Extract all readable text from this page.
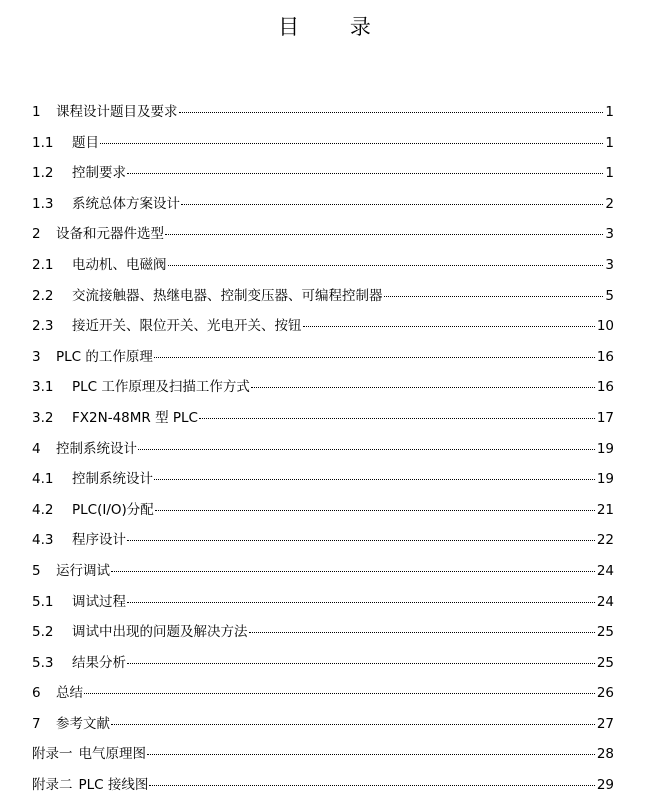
目 录
1 课程设计题目及要求	1
1.1 题目	1
1.2 控制要求	1
1.3 系统总体方案设计	2
2 设备和元器件选型	3
2.1 电动机、电磁阀	3
2.2 交流接触器、热继电器、控制变压器、可编程控制器	5
2.3 接近开关、限位开关、光电开关、按钮	10
3 PLC 的工作原理	16
3.1 PLC 工作原理及扫描工作方式	16
3.2 FX2N-48MR 型 PLC	17
4 控制系统设计	19
4.1 控制系统设计	19
4.2 PLC(I/O)分配	21
4.3 程序设计	22
5 运行调试	24
5.1 调试过程	24
5.2 调试中出现的问题及解决方法	25
5.3 结果分析	25
6 总结	26
7 参考文献	27
附录一 电气原理图	28
附录二 PLC 接线图	29
